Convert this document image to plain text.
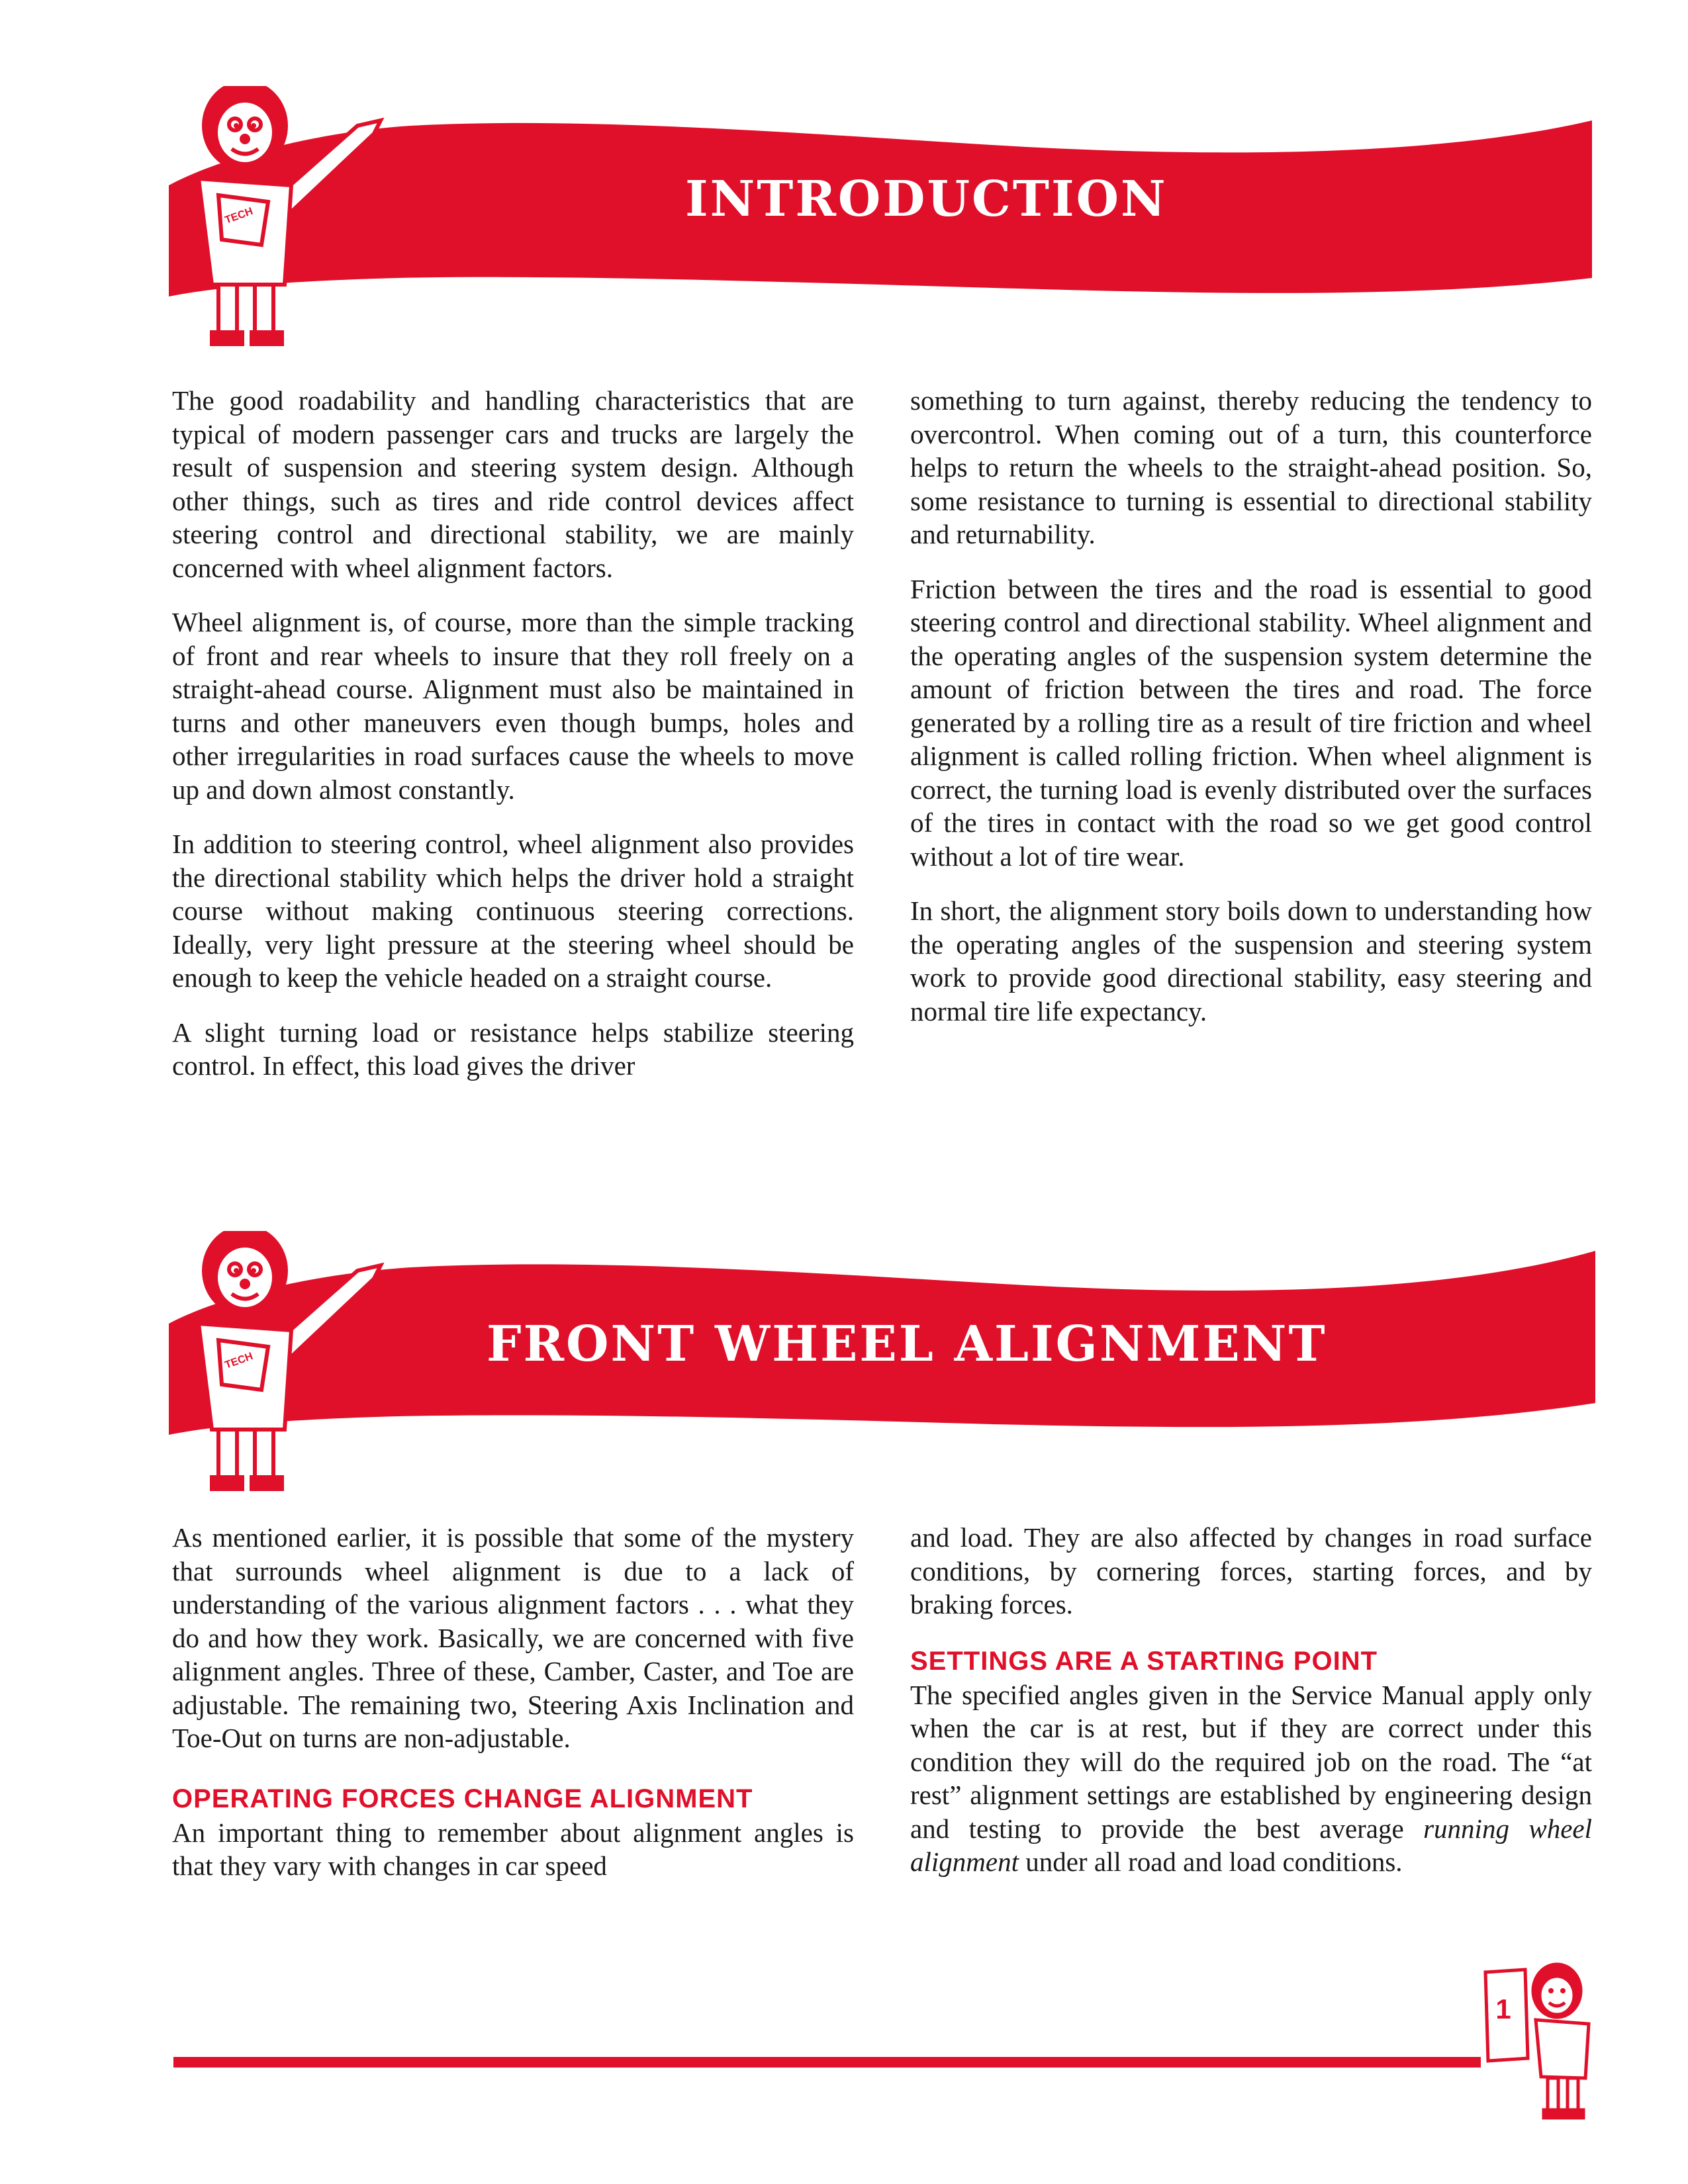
TECH	INTRODUCTION

The good roadability and handling characteristics that are typical of modern passenger cars and trucks are largely the result of suspension and steering system design. Although other things, such as tires and ride control devices affect steering control and directional stability, we are mainly concerned with wheel alignment factors.

Wheel alignment is, of course, more than the simple tracking of front and rear wheels to insure that they roll freely on a straight-ahead course. Alignment must also be maintained in turns and other maneuvers even though bumps, holes and other irregularities in road surfaces cause the wheels to move up and down almost constantly.

In addition to steering control, wheel alignment also provides the directional stability which helps the driver hold a straight course without making continuous steering corrections. Ideally, very light pressure at the steering wheel should be enough to keep the vehicle headed on a straight course.

A slight turning load or resistance helps stabilize steering control. In effect, this load gives the driver

something to turn against, thereby reducing the tendency to overcontrol. When coming out of a turn, this counterforce helps to return the wheels to the straight-ahead position. So, some resistance to turning is essential to directional stability and returnability.

Friction between the tires and the road is essential to good steering control and directional stability. Wheel alignment and the operating angles of the suspension system determine the amount of friction between the tires and road. The force generated by a rolling tire as a result of tire friction and wheel alignment is called rolling friction. When wheel alignment is correct, the turning load is evenly distributed over the surfaces of the tires in contact with the road so we get good control without a lot of tire wear.

In short, the alignment story boils down to understanding how the operating angles of the suspension and steering system work to provide good directional stability, easy steering and normal tire life expectancy.

TECH	FRONT WHEEL ALIGNMENT

As mentioned earlier, it is possible that some of the mystery that surrounds wheel alignment is due to a lack of understanding of the various alignment factors . . . what they do and how they work. Basically, we are concerned with five alignment angles. Three of these, Camber, Caster, and Toe are adjustable. The remaining two, Steering Axis Inclination and Toe-Out on turns are non-adjustable.

OPERATING FORCES CHANGE ALIGNMENT

An important thing to remember about alignment angles is that they vary with changes in car speed

and load. They are also affected by changes in road surface conditions, by cornering forces, starting forces, and by braking forces.

SETTINGS ARE A STARTING POINT

The specified angles given in the Service Manual apply only when the car is at rest, but if they are correct under this condition they will do the required job on the road. The “at rest” alignment settings are established by engineering design and testing to provide the best average running wheel alignment under all road and load conditions.

1
